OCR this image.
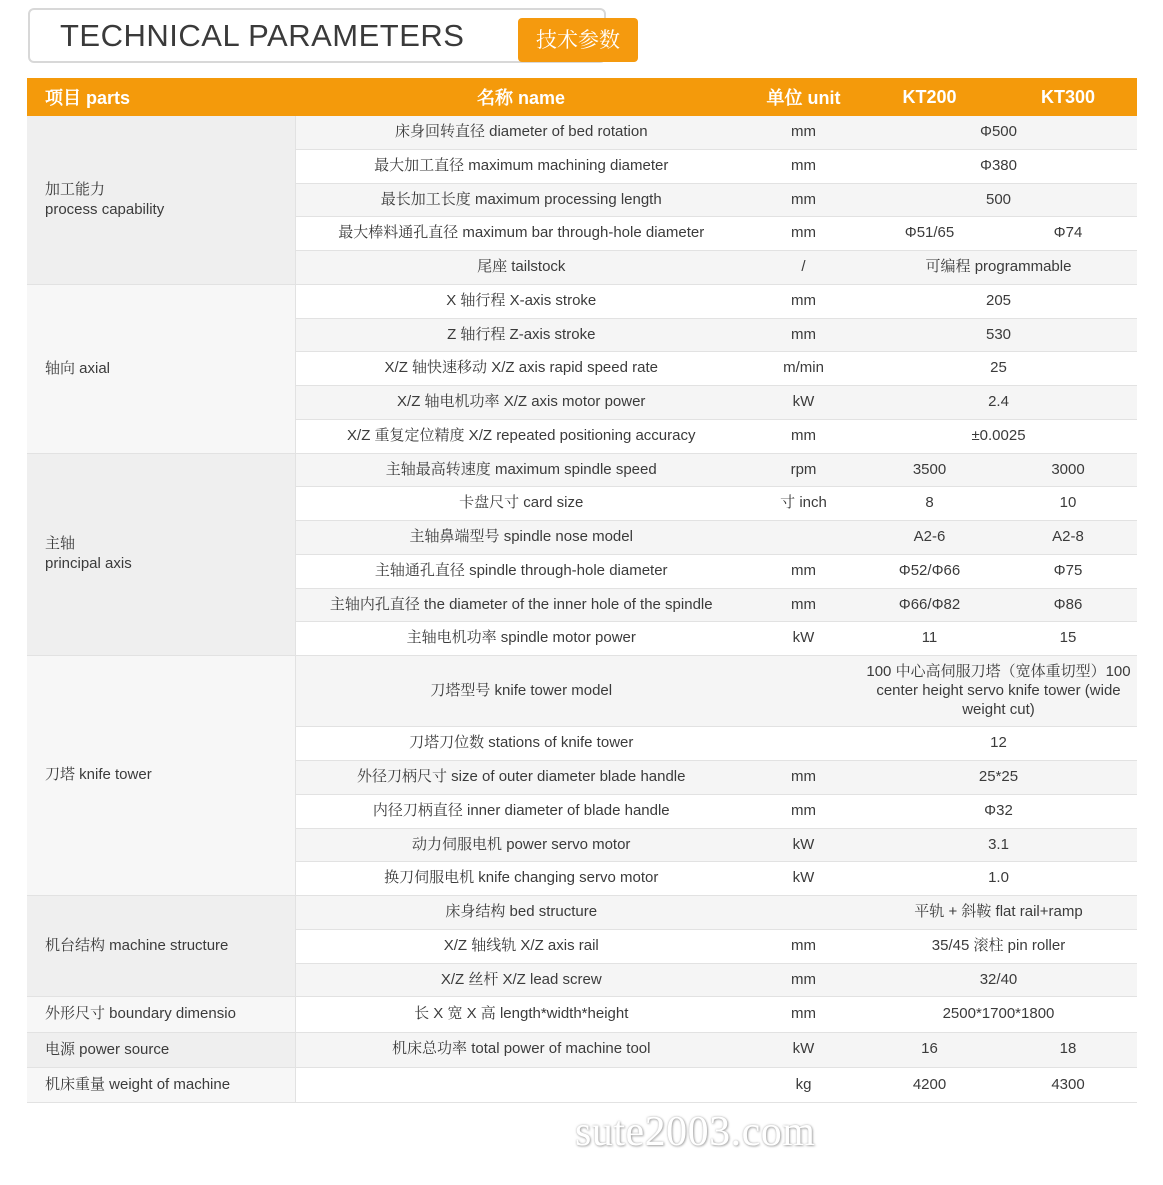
TECHNICAL PARAMETERS	技术参数
项目 parts	名称 name	单位 unit	KT200	KT300
加工能力
process capability	床身回转直径 diameter of bed rotation	mm	Φ500	
	最大加工直径 maximum machining diameter	mm	Φ380	
	最长加工长度 maximum processing length	mm	500	
	最大棒料通孔直径 maximum bar through-hole diameter	mm	Φ51/65	Φ74
	尾座 tailstock	/	可编程 programmable	
轴向 axial	X 轴行程 X-axis stroke	mm	205	
	Z 轴行程 Z-axis stroke	mm	530	
	X/Z 轴快速移动 X/Z axis rapid speed rate	m/min	25	
	X/Z 轴电机功率 X/Z axis motor power	kW	2.4	
	X/Z 重复定位精度 X/Z repeated positioning accuracy	mm	±0.0025	
主轴
principal axis	主轴最高转速度 maximum spindle speed	rpm	3500	3000
	卡盘尺寸 card size	寸 inch	8	10
	主轴鼻端型号 spindle nose model		A2-6	A2-8
	主轴通孔直径 spindle through-hole diameter	mm	Φ52/Φ66	Φ75
	主轴内孔直径 the diameter of the inner hole of the spindle	mm	Φ66/Φ82	Φ86
	主轴电机功率 spindle motor power	kW	11	15
刀塔 knife tower	刀塔型号 knife tower model		100 中心高伺服刀塔（宽体重切型）100 center height servo knife tower (wide weight cut)	
	刀塔刀位数 stations of knife tower		12	
	外径刀柄尺寸 size of outer diameter blade handle	mm	25*25	
	内径刀柄直径 inner diameter of blade handle	mm	Φ32	
	动力伺服电机 power servo motor	kW	3.1	
	换刀伺服电机 knife changing servo motor	kW	1.0	
机台结构 machine structure	床身结构 bed structure		平轨 + 斜鞍 flat rail+ramp	
	X/Z 轴线轨 X/Z axis rail	mm	35/45 滚柱 pin roller	
	X/Z 丝杆 X/Z lead screw	mm	32/40	
外形尺寸 boundary dimensio	长 X 宽 X 高 length*width*height	mm	2500*1700*1800	
电源 power source	机床总功率 total power of machine tool	kW	16	18
机床重量 weight of machine		kg	4200	4300
sute2003.com
